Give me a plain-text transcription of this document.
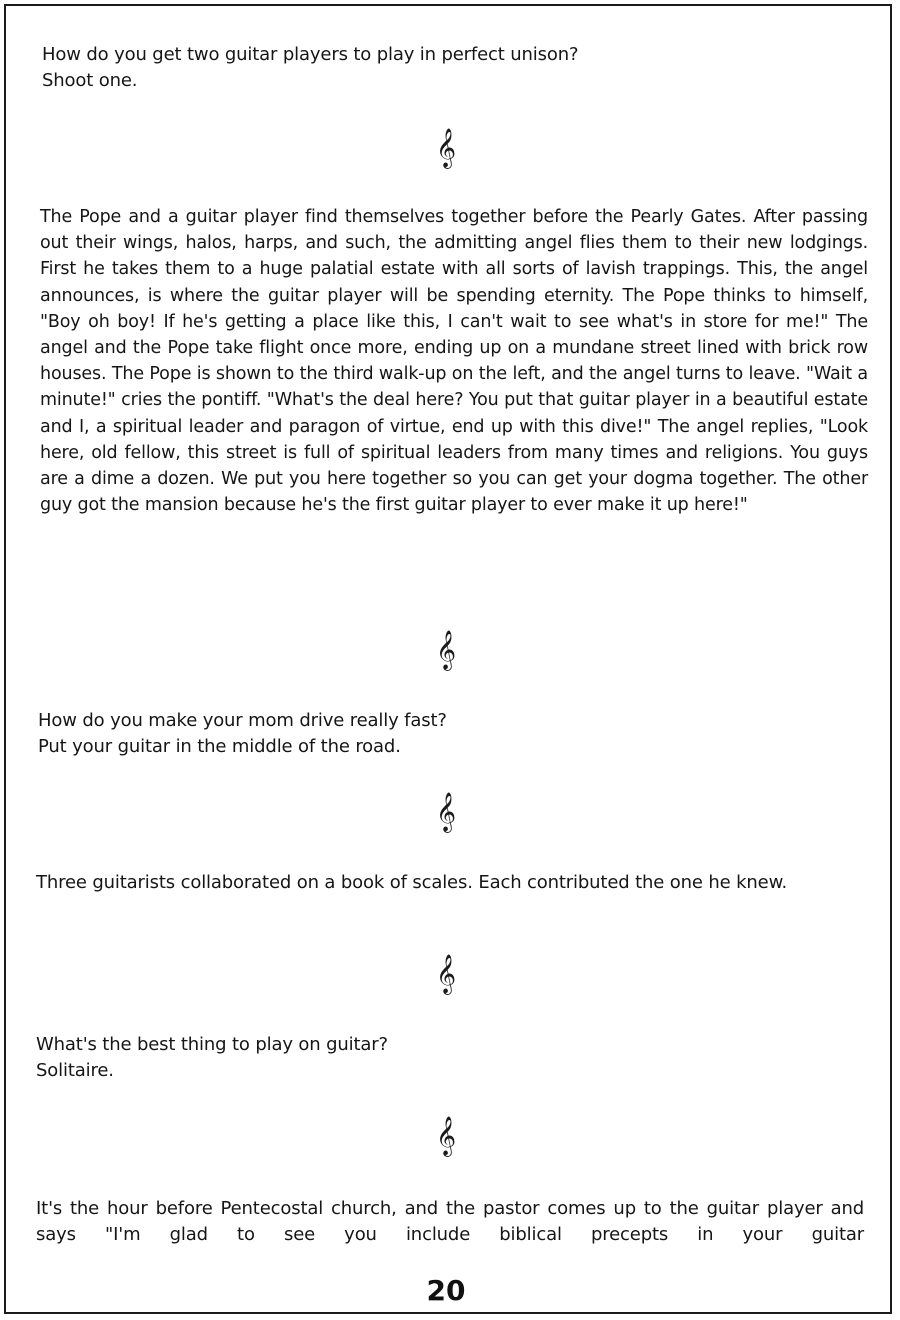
How do you get two guitar players to play in perfect unison?

Shoot one.

𝄞

The Pope and a guitar player find themselves together before the Pearly Gates. After passing out their wings, halos, harps, and such, the admitting angel flies them to their new lodgings. First he takes them to a huge palatial estate with all sorts of lavish trappings. This, the angel announces, is where the guitar player will be spending eternity. The Pope thinks to himself, "Boy oh boy! If he's getting a place like this, I can't wait to see what's in store for me!" The angel and the Pope take flight once more, ending up on a mundane street lined with brick row houses. The Pope is shown to the third walk-up on the left, and the angel turns to leave. "Wait a minute!" cries the pontiff. "What's the deal here? You put that guitar player in a beautiful estate and I, a spiritual leader and paragon of virtue, end up with this dive!" The angel replies, "Look here, old fellow, this street is full of spiritual leaders from many times and religions. You guys are a dime a dozen. We put you here together so you can get your dogma together. The other guy got the mansion because he's the first guitar player to ever make it up here!"

𝄞

How do you make your mom drive really fast?

Put your guitar in the middle of the road.

𝄞

Three guitarists collaborated on a book of scales. Each contributed the one he knew.

𝄞

What's the best thing to play on guitar?

Solitaire.

𝄞

It's the hour before Pentecostal church, and the pastor comes up to the guitar player and says "I'm glad to see you include biblical precepts in your guitar

20
